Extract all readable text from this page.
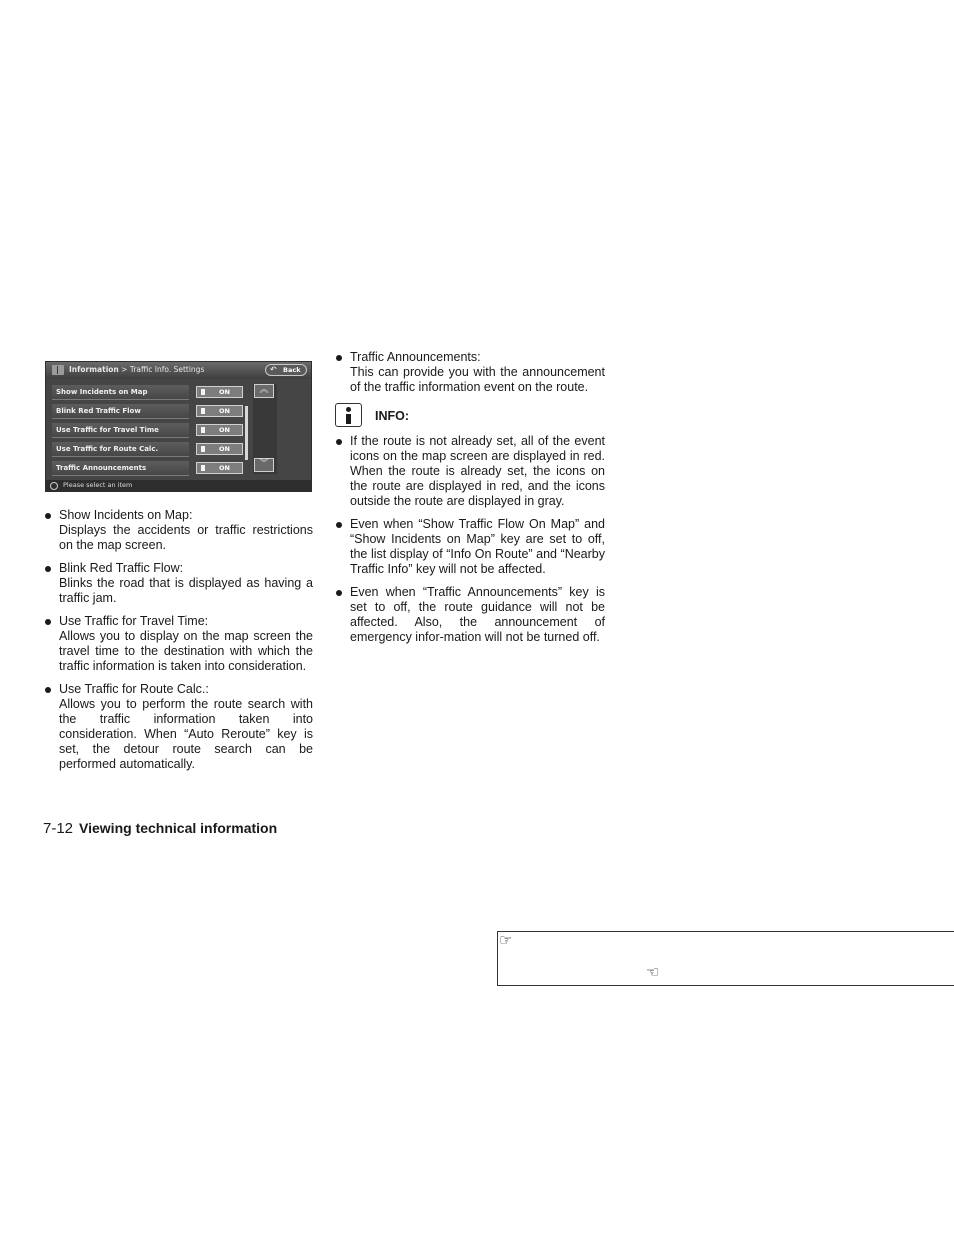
Information > Traffic Info. Settings	↶ Back
Show Incidents on Map	ON
Blink Red Traffic Flow	ON
Use Traffic for Travel Time	ON
Use Traffic for Route Calc.	ON
Traffic Announcements	ON
︽
︾
Please select an item
Show Incidents on Map:
Displays the accidents or traffic restrictions on the map screen.
Blink Red Traffic Flow:
Blinks the road that is displayed as having a traffic jam.
Use Traffic for Travel Time:
Allows you to display on the map screen the travel time to the destination with which the traffic information is taken into consideration.
Use Traffic for Route Calc.:
Allows you to perform the route search with the traffic information taken into consideration. When “Auto Reroute” key is set, the detour route search can be performed automatically.
Traffic Announcements:
This can provide you with the announcement of the traffic information event on the route.
INFO:
If the route is not already set, all of the event icons on the map screen are displayed in red. When the route is already set, the icons on the route are displayed in red, and the icons outside the route are displayed in gray.
Even when “Show Traffic Flow On Map” and “Show Incidents on Map” key are set to off, the list display of “Info On Route” and “Nearby Traffic Info” key will not be affected.
Even when “Traffic Announcements” key is set to off, the route guidance will not be affected. Also, the announcement of emergency infor-mation will not be turned off.
7-12 Viewing technical information
☞
☜
